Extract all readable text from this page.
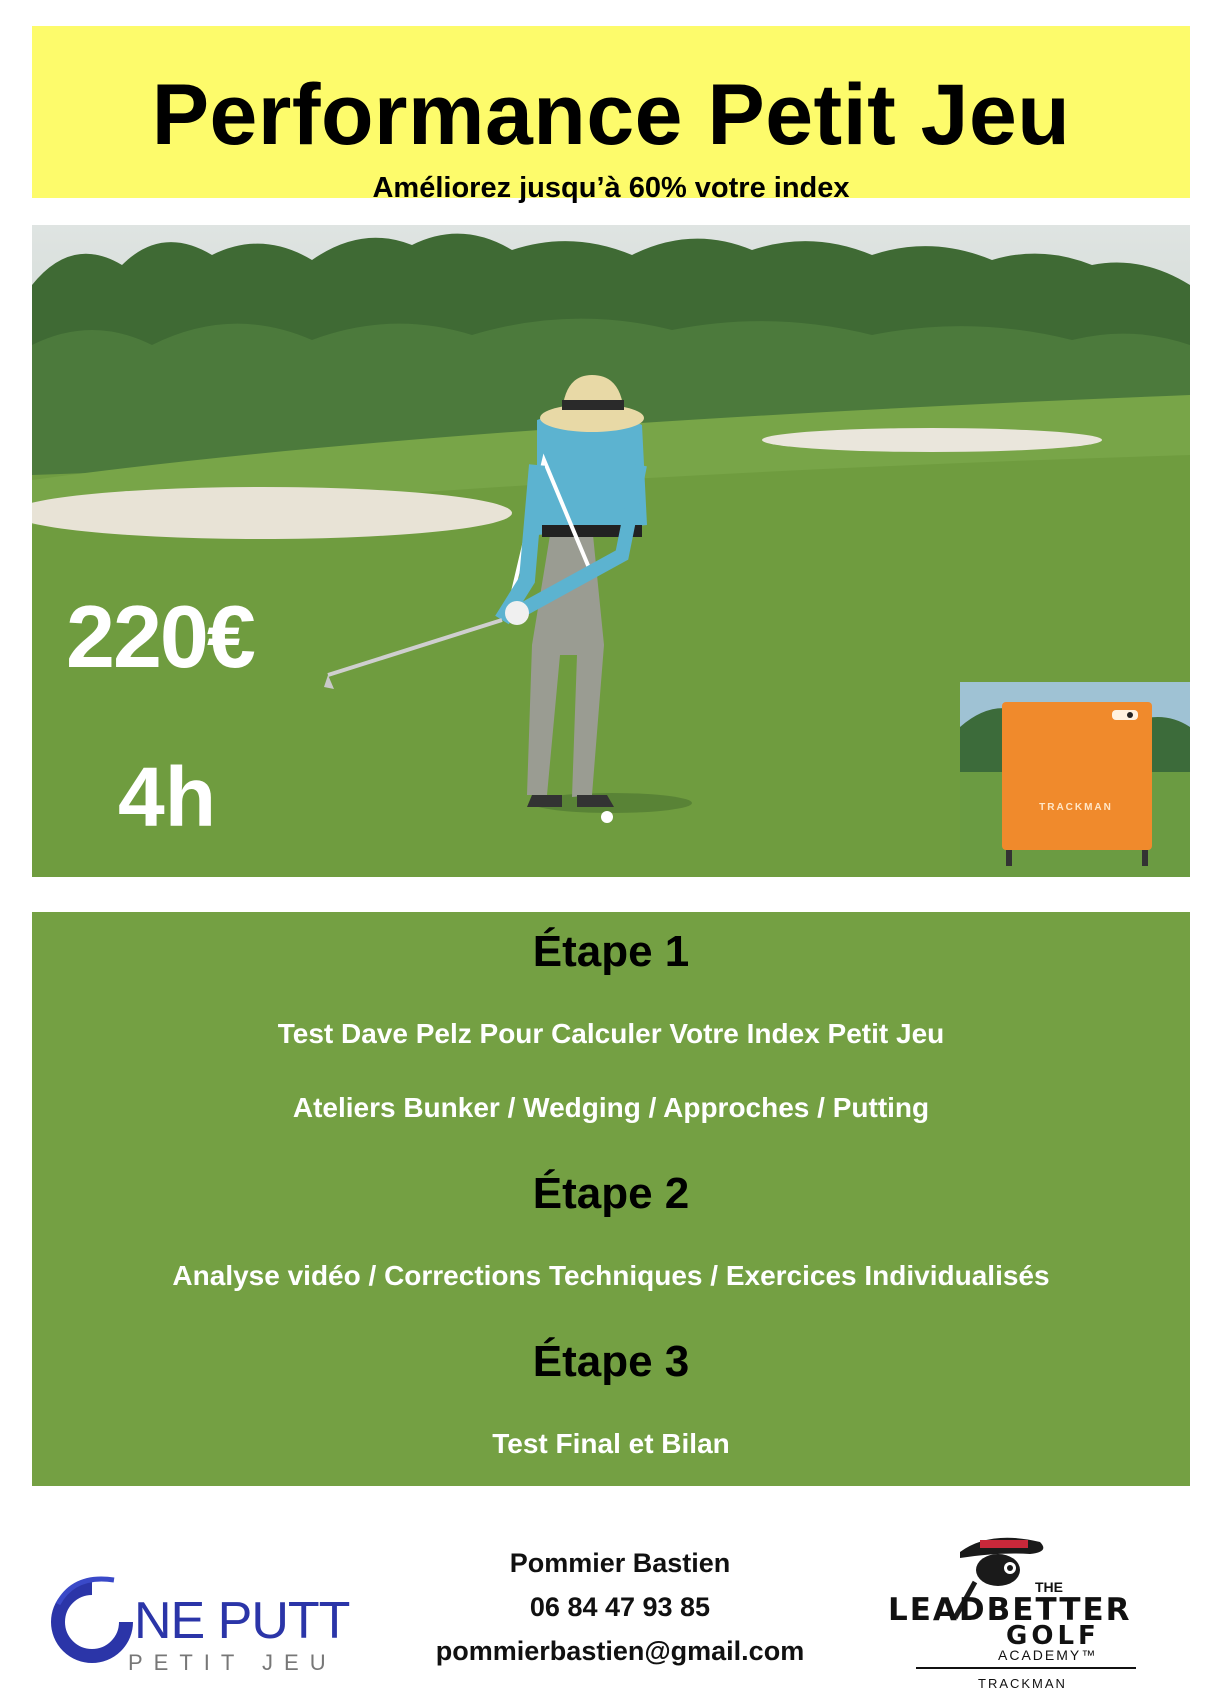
Performance Petit Jeu
Améliorez jusqu’à 60% votre index
220€
4h	TRACKMAN
Étape 1
Test Dave Pelz Pour Calculer Votre Index Petit Jeu
Ateliers Bunker / Wedging / Approches / Putting
Étape 2
Analyse vidéo / Corrections Techniques / Exercices Individualisés
Étape 3
Test Final et Bilan
NE PUTT
PETIT JEU
Pommier Bastien
06 84 47 93 85
pommierbastien@gmail.com
THE
LEADBETTER
GOLF
ACADEMY™
TRACKMAN
